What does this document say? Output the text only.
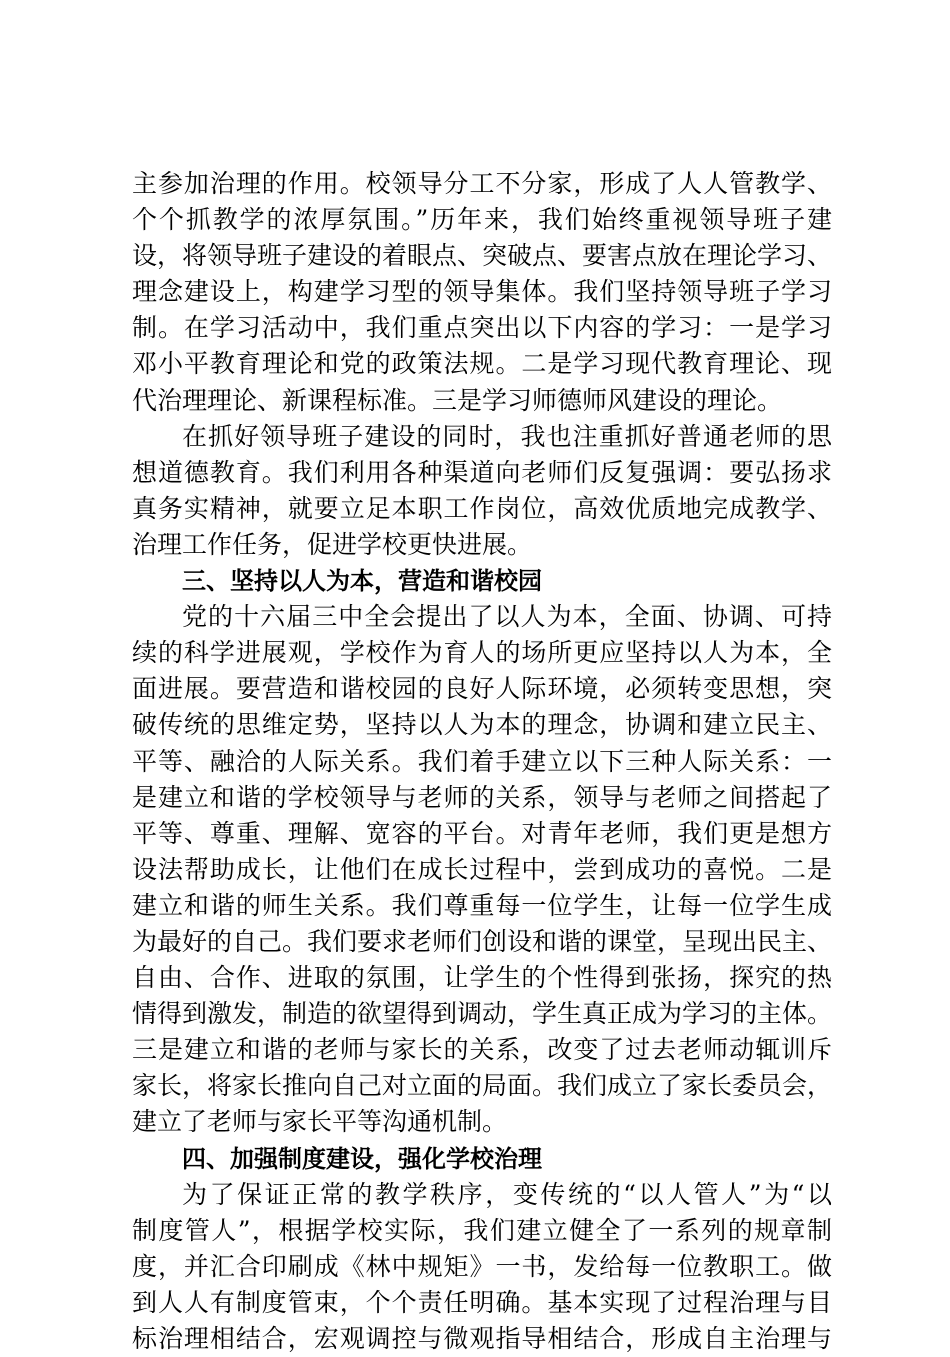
主参加治理的作用。校领导分工不分家，形成了人人管教学、
个个抓教学的浓厚氛围。”历年来，我们始终重视领导班子建
设，将领导班子建设的着眼点、突破点、要害点放在理论学习、
理念建设上，构建学习型的领导集体。我们坚持领导班子学习
制。在学习活动中，我们重点突出以下内容的学习：一是学习
邓小平教育理论和党的政策法规。二是学习现代教育理论、现
代治理理论、新课程标准。三是学习师德师风建设的理论。
在抓好领导班子建设的同时，我也注重抓好普通老师的思
想道德教育。我们利用各种渠道向老师们反复强调：要弘扬求
真务实精神，就要立足本职工作岗位，高效优质地完成教学、
治理工作任务，促进学校更快进展。
三、坚持以人为本，营造和谐校园
党的十六届三中全会提出了以人为本，全面、协调、可持
续的科学进展观，学校作为育人的场所更应坚持以人为本，全
面进展。要营造和谐校园的良好人际环境，必须转变思想，突
破传统的思维定势，坚持以人为本的理念，协调和建立民主、
平等、融洽的人际关系。我们着手建立以下三种人际关系：一
是建立和谐的学校领导与老师的关系，领导与老师之间搭起了
平等、尊重、理解、宽容的平台。对青年老师，我们更是想方
设法帮助成长，让他们在成长过程中，尝到成功的喜悦。二是
建立和谐的师生关系。我们尊重每一位学生，让每一位学生成
为最好的自己。我们要求老师们创设和谐的课堂，呈现出民主、
自由、合作、进取的氛围，让学生的个性得到张扬，探究的热
情得到激发，制造的欲望得到调动，学生真正成为学习的主体。
三是建立和谐的老师与家长的关系，改变了过去老师动辄训斥
家长，将家长推向自己对立面的局面。我们成立了家长委员会，
建立了老师与家长平等沟通机制。
四、加强制度建设，强化学校治理
为了保证正常的教学秩序，变传统的“以人管人”为“以
制度管人”，根据学校实际，我们建立健全了一系列的规章制
度，并汇合印刷成《林中规矩》一书，发给每一位教职工。做
到人人有制度管束，个个责任明确。基本实现了过程治理与目
标治理相结合，宏观调控与微观指导相结合，形成自主治理与
